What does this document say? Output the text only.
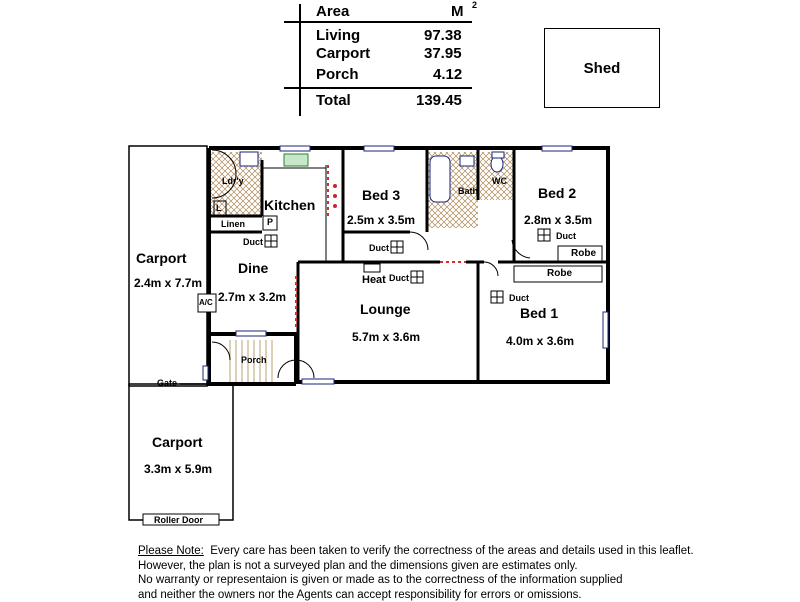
Area	M 2
Living	97.38
Carport	37.95
Porch	4.12
Total	139.45
Shed
Carport
2.4m x 7.7m
Carport
3.3m x 5.9m
Kitchen
Dine
2.7m x 3.2m
Bed 3
2.5m x 3.5m
Bed 2
2.8m x 3.5m
Bed 1
4.0m x 3.6m
Lounge
5.7m x 3.6m
Ldr'y
Bath
WC
Porch
Linen
Duct
Duct
Duct
Duct
Duct
Heat
Robe
Robe
Gate
Roller Door
A/C
P
L
Please Note:  Every care has been taken to verify the correctness of the areas and details used in this leaflet.
However, the plan is not a surveyed plan and the dimensions given are estimates only.
No warranty or representaion is given or made as to the correctness of the information supplied
and neither the owners nor the Agents can accept responsibility for errors or omissions.
